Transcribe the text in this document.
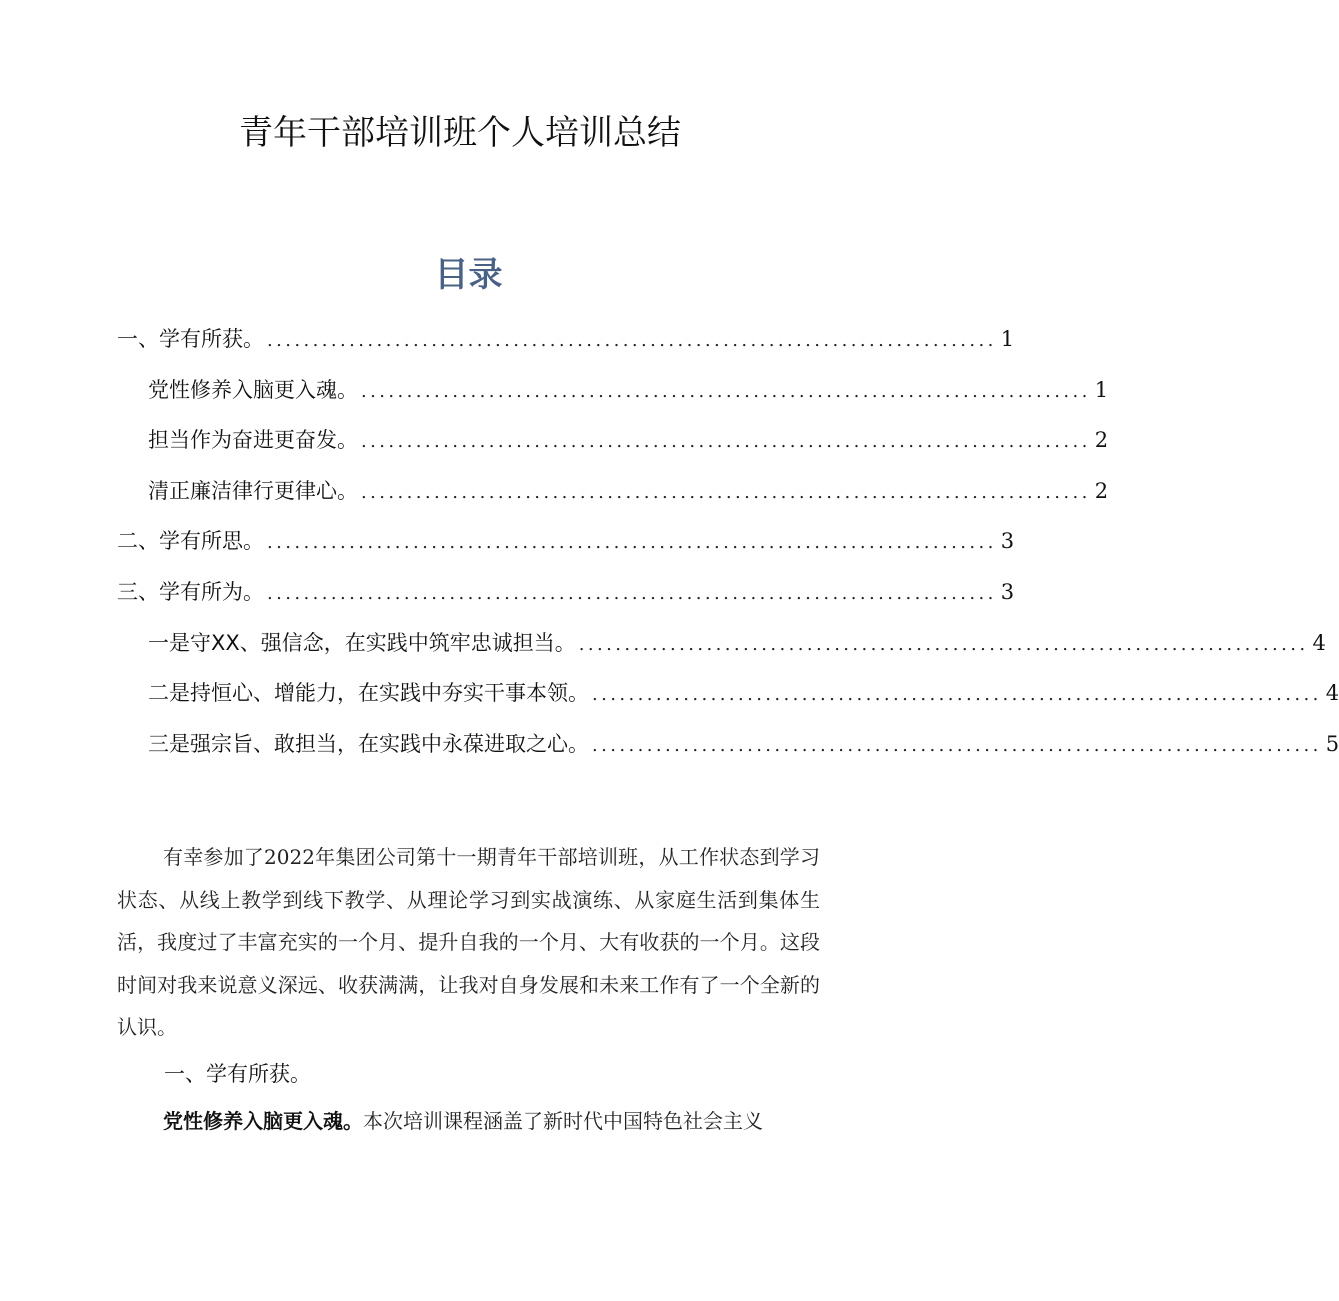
青年干部培训班个人培训总结
目录
一、学有所获。 ................................................................................ 1
党性修养入脑更入魂。 ................................................................................ 1
担当作为奋进更奋发。 ................................................................................ 2
清正廉洁律行更律心。 ................................................................................ 2
二、学有所思。 ................................................................................ 3
三、学有所为。 ................................................................................ 3
一是守XX、强信念，在实践中筑牢忠诚担当。 ................................................................................ 4
二是持恒心、增能力，在实践中夯实干事本领。 ................................................................................ 4
三是强宗旨、敢担当，在实践中永葆进取之心。 ................................................................................ 5

有幸参加了2022年集团公司第十一期青年干部培训班，从工作状态到学习状态、从线上教学到线下教学、从理论学习到实战演练、从家庭生活到集体生活，我度过了丰富充实的一个月、提升自我的一个月、大有收获的一个月。这段时间对我来说意义深远、收获满满，让我对自身发展和未来工作有了一个全新的认识。

一、学有所获。

党性修养入脑更入魂。本次培训课程涵盖了新时代中国特色社会主义
